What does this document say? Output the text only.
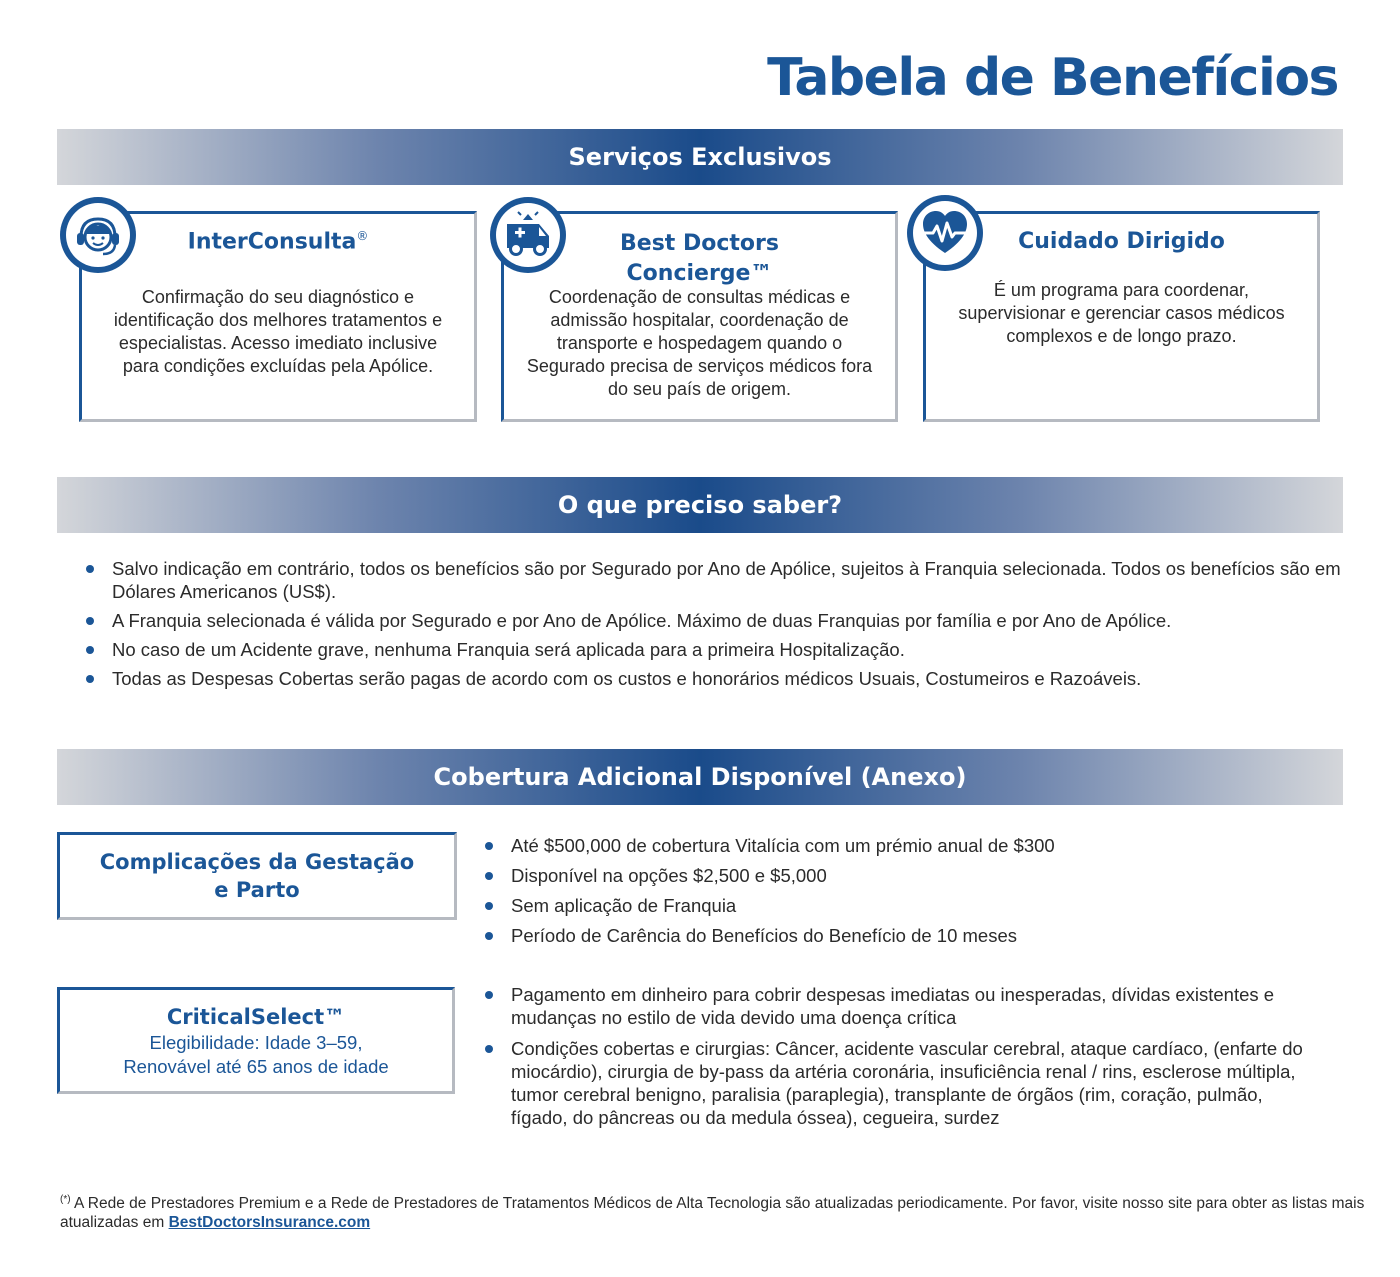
Tabela de Benefícios
Serviços Exclusivos
InterConsulta®

Confirmação do seu diagnóstico e identificação dos melhores tratamentos e especialistas. Acesso imediato inclusive para condições excluídas pela Apólice.

Best Doctors
Concierge™

Coordenação de consultas médicas e admissão hospitalar, coordenação de transporte e hospedagem quando o Segurado precisa de serviços médicos fora do seu país de origem.

Cuidado Dirigido

É um programa para coordenar, supervisionar e gerenciar casos médicos complexos e de longo prazo.

O que preciso saber?
Salvo indicação em contrário, todos os benefícios são por Segurado por Ano de Apólice, sujeitos à Franquia selecionada. Todos os benefícios são em Dólares Americanos (US$).
A Franquia selecionada é válida por Segurado e por Ano de Apólice. Máximo de duas Franquias por família e por Ano de Apólice.
No caso de um Acidente grave, nenhuma Franquia será aplicada para a primeira Hospitalização.
Todas as Despesas Cobertas serão pagas de acordo com os custos e honorários médicos Usuais, Costumeiros e Razoáveis.
Cobertura Adicional Disponível (Anexo)
Complicações da Gestação
e Parto
Até $500,000 de cobertura Vitalícia com um prémio anual de $300
Disponível na opções $2,500 e $5,000
Sem aplicação de Franquia
Período de Carência do Benefícios do Benefício de 10 meses
CriticalSelect™
Elegibilidade: Idade 3–59,
Renovável até 65 anos de idade
Pagamento em dinheiro para cobrir despesas imediatas ou inesperadas, dívidas existentes e mudanças no estilo de vida devido uma doença crítica
Condições cobertas e cirurgias: Câncer, acidente vascular cerebral, ataque cardíaco, (enfarte do miocárdio), cirurgia de by-pass da artéria coronária, insuficiência renal / rins, esclerose múltipla, tumor cerebral benigno, paralisia (paraplegia), transplante de órgãos (rim, coração, pulmão, fígado, do pâncreas ou da medula óssea), cegueira, surdez
(*) A Rede de Prestadores Premium e a Rede de Prestadores de Tratamentos Médicos de Alta Tecnologia são atualizadas periodicamente. Por favor, visite nosso site para obter as listas mais atualizadas em BestDoctorsInsurance.com
